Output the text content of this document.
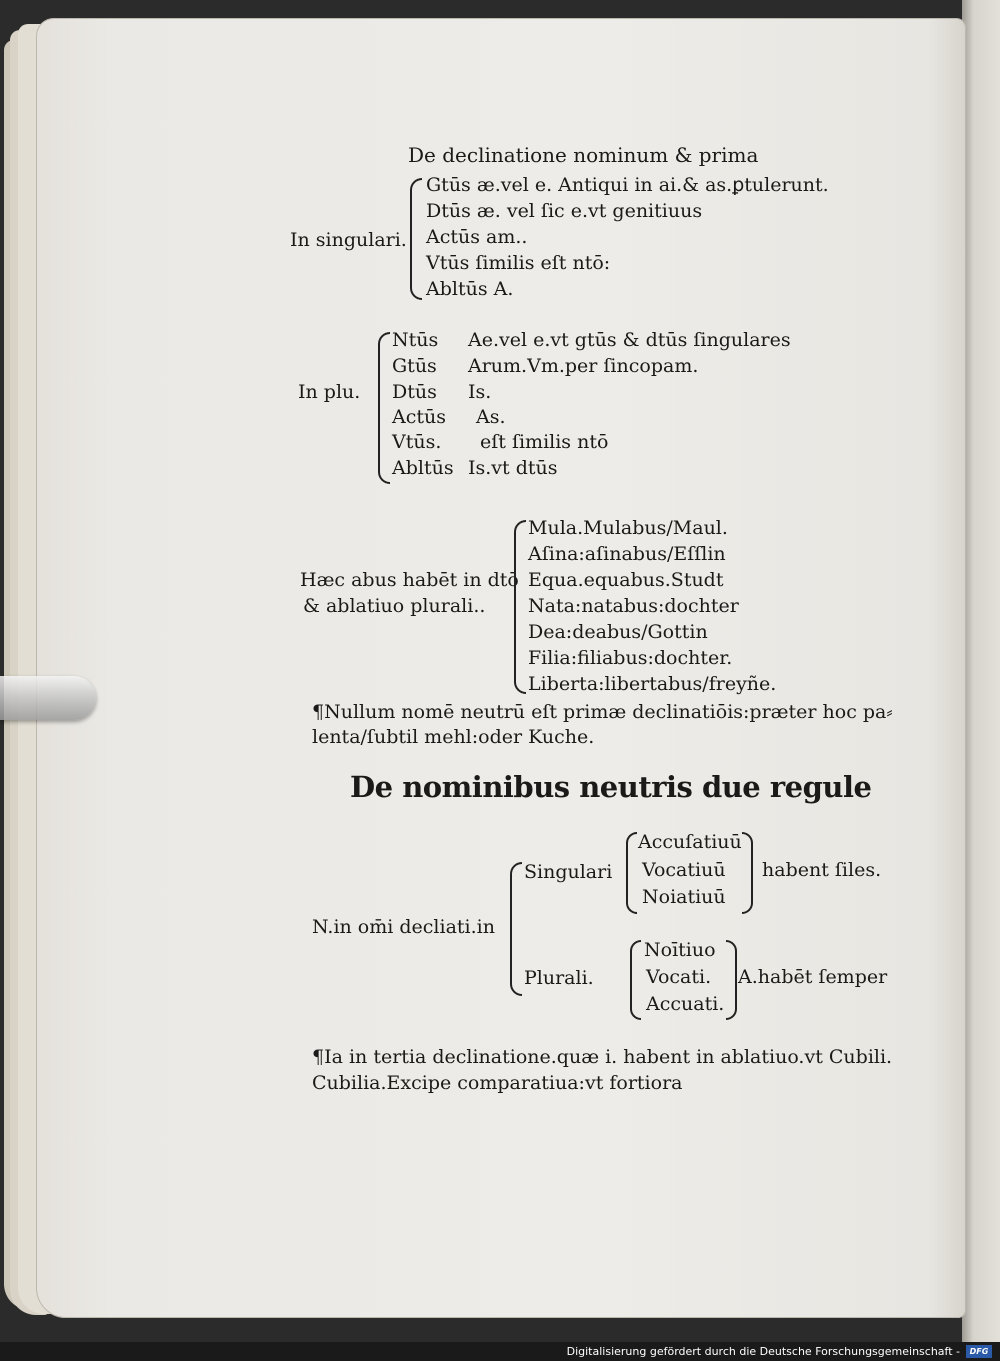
De declinatione nominum & prima
In singulari.
Gtūs æ.vel e. Antiqui in ai.& as.ꝑtulerunt.
Dtūs æ. vel ſic e.vt genitiuus
Actūs am..
Vtūs ſimilis eſt ntō:
Abltūs A.
In plu.
Ntūs Ae.vel e.vt gtūs & dtūs ſingulares
Gtūs Arum.Vm.per ſincopam.
Dtūs Is.
Actūs As.
Vtūs. eſt ſimilis ntō
Abltūs Is.vt dtūs
Hæc abus habēt in dtō
& ablatiuo plurali..
Mula.Mulabus/Maul.
Aſina:aſinabus/Eſſlin
Equa.equabus.Studt
Nata:natabus:dochter
Dea:deabus/Gottin
Filia:filiabus:dochter.
Liberta:libertabus/freyñe.
¶Nullum nomē neutrū eſt primæ declinatiōis:præter hoc pa⸗
lenta/ſubtil mehl:oder Kuche.
De nominibus neutris due regule
N.in om̄i decliati.in
Singulari
Accuſatiuū
Vocatiuū
Noiatiuū
habent ſiles.
Plurali.
Noītiuo
Vocati.
Accuati.
A.habēt ſemper
¶Ia in tertia declinatione.quæ i. habent in ablatiuo.vt Cubili.
Cubilia.Excipe comparatiua:vt fortiora
Digitalisierung gefördert durch die Deutsche Forschungsgemeinschaft -	DFG
